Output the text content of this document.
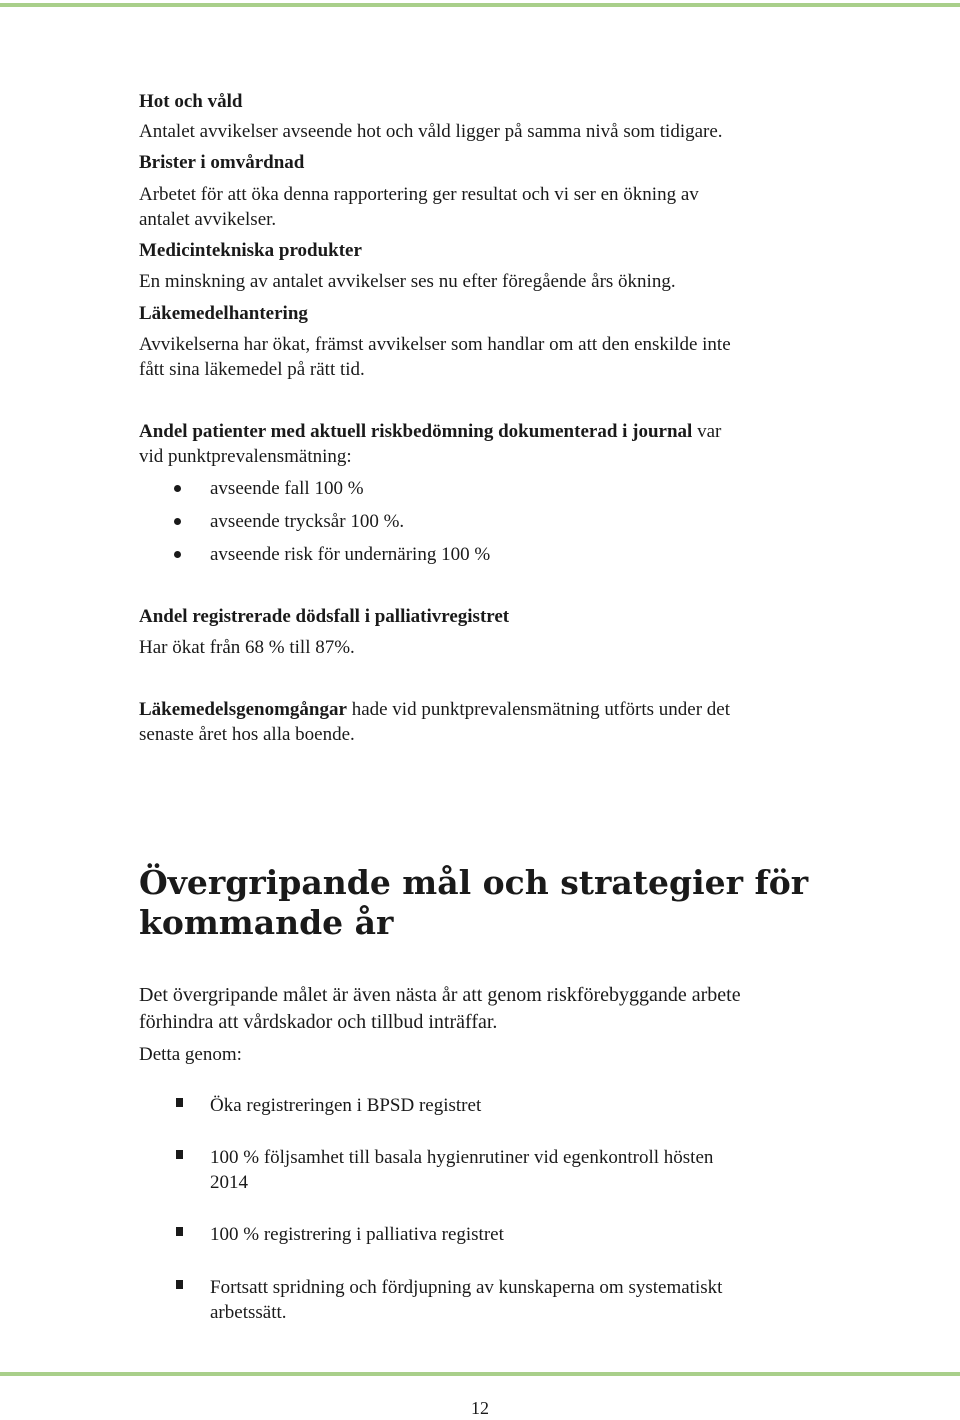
Hot och våld
Antalet avvikelser avseende hot och våld ligger på samma nivå som tidigare.
Brister i omvårdnad
Arbetet för att öka denna rapportering ger resultat och vi ser en ökning av
antalet avvikelser.
Medicintekniska produkter
En minskning av antalet avvikelser ses nu efter föregående års ökning.
Läkemedelhantering
Avvikelserna har ökat, främst avvikelser som handlar om att den enskilde inte
fått sina läkemedel på rätt tid.
Andel patienter med aktuell riskbedömning dokumenterad i journal var
vid punktprevalensmätning:
avseende fall 100 %
avseende trycksår 100 %.
avseende risk för undernäring 100 %
Andel registrerade dödsfall i palliativregistret
Har ökat från 68 % till 87%.
Läkemedelsgenomgångar hade vid punktprevalensmätning utförts under det
senaste året hos alla boende.
Övergripande mål och strategier för
kommande år
Det övergripande målet är även nästa år att genom riskförebyggande arbete
förhindra att vårdskador och tillbud inträffar.
Detta genom:
Öka registreringen i BPSD registret
100 % följsamhet till basala hygienrutiner vid egenkontroll hösten
2014
100 % registrering i palliativa registret
Fortsatt spridning och fördjupning av kunskaperna om systematiskt
arbetssätt.
12
